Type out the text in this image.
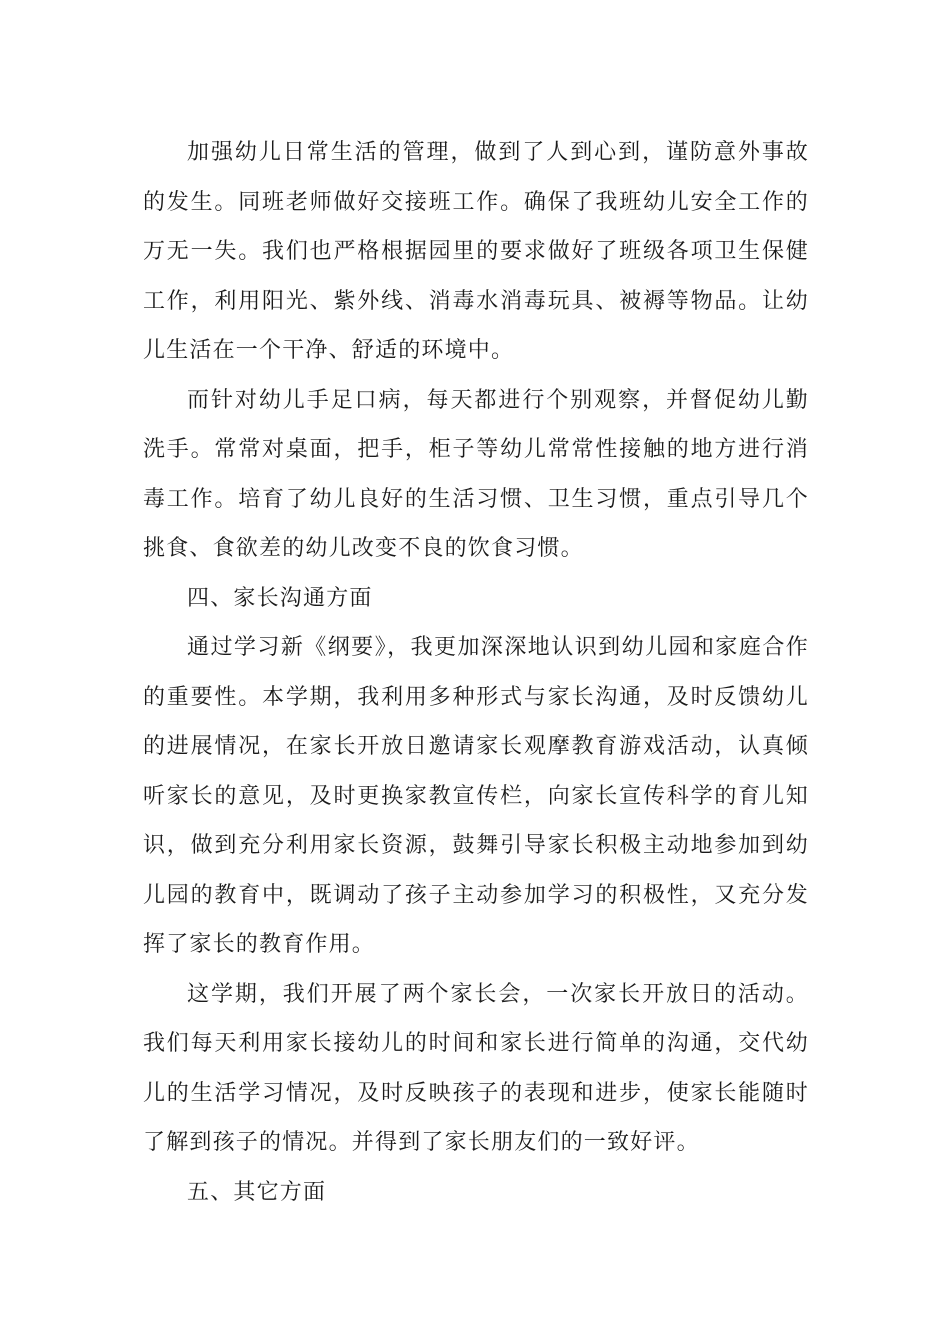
加强幼儿日常生活的管理，做到了人到心到，谨防意外事故的发生。同班老师做好交接班工作。确保了我班幼儿安全工作的万无一失。我们也严格根据园里的要求做好了班级各项卫生保健工作，利用阳光、紫外线、消毒水消毒玩具、被褥等物品。让幼儿生活在一个干净、舒适的环境中。

而针对幼儿手足口病，每天都进行个别观察，并督促幼儿勤洗手。常常对桌面，把手，柜子等幼儿常常性接触的地方进行消毒工作。培育了幼儿良好的生活习惯、卫生习惯，重点引导几个挑食、食欲差的幼儿改变不良的饮食习惯。

四、家长沟通方面

通过学习新《纲要》，我更加深深地认识到幼儿园和家庭合作的重要性。本学期，我利用多种形式与家长沟通，及时反馈幼儿的进展情况，在家长开放日邀请家长观摩教育游戏活动，认真倾听家长的意见，及时更换家教宣传栏，向家长宣传科学的育儿知识，做到充分利用家长资源，鼓舞引导家长积极主动地参加到幼儿园的教育中，既调动了孩子主动参加学习的积极性，又充分发挥了家长的教育作用。

这学期，我们开展了两个家长会，一次家长开放日的活动。我们每天利用家长接幼儿的时间和家长进行简单的沟通，交代幼儿的生活学习情况，及时反映孩子的表现和进步，使家长能随时了解到孩子的情况。并得到了家长朋友们的一致好评。

五、其它方面
